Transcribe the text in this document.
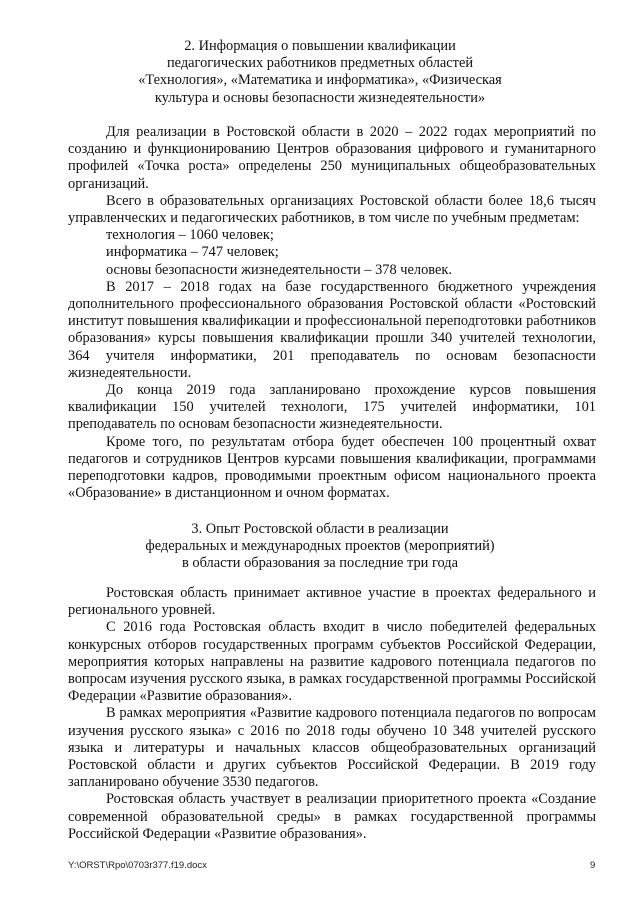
2. Информация о повышении квалификации
педагогических работников предметных областей
«Технология», «Математика и информатика», «Физическая
культура и основы безопасности жизнедеятельности»

Для реализации в Ростовской области в 2020 – 2022 годах мероприятий по созданию и функционированию Центров образования цифрового и гуманитарного профилей «Точка роста» определены 250 муниципальных общеобразовательных организаций.

Всего в образовательных организациях Ростовской области более 18,6 тысяч управленческих и педагогических работников, в том числе по учебным предметам:

технология – 1060 человек;

информатика – 747 человек;

основы безопасности жизнедеятельности – 378 человек.

В 2017 – 2018 годах на базе государственного бюджетного учреждения дополнительного профессионального образования Ростовской области «Ростовский институт повышения квалификации и профессиональной переподготовки работников образования» курсы повышения квалификации прошли 340 учителей технологии, 364 учителя информатики, 201 преподаватель по основам безопасности жизнедеятельности.

До конца 2019 года запланировано прохождение курсов повышения квалификации 150 учителей технологи, 175 учителей информатики, 101 преподаватель по основам безопасности жизнедеятельности.

Кроме того, по результатам отбора будет обеспечен 100 процентный охват педагогов и сотрудников Центров курсами повышения квалификации, программами переподготовки кадров, проводимыми проектным офисом национального проекта «Образование» в дистанционном и очном форматах.

3. Опыт Ростовской области в реализации
федеральных и международных проектов (мероприятий)
в области образования за последние три года

Ростовская область принимает активное участие в проектах федерального и регионального уровней.

С 2016 года Ростовская область входит в число победителей федеральных конкурсных отборов государственных программ субъектов Российской Федерации, мероприятия которых направлены на развитие кадрового потенциала педагогов по вопросам изучения русского языка, в рамках государственной программы Российской Федерации «Развитие образования».

В рамках мероприятия «Развитие кадрового потенциала педагогов по вопросам изучения русского языка» с 2016 по 2018 годы обучено 10 348 учителей русского языка и литературы и начальных классов общеобразовательных организаций Ростовской области и других субъектов Российской Федерации. В 2019 году запланировано обучение 3530 педагогов.

Ростовская область участвует в реализации приоритетного проекта «Создание современной образовательной среды» в рамках государственной программы Российской Федерации «Развитие образования».

Y:\ORST\Rpo\0703r377.f19.docx	9
